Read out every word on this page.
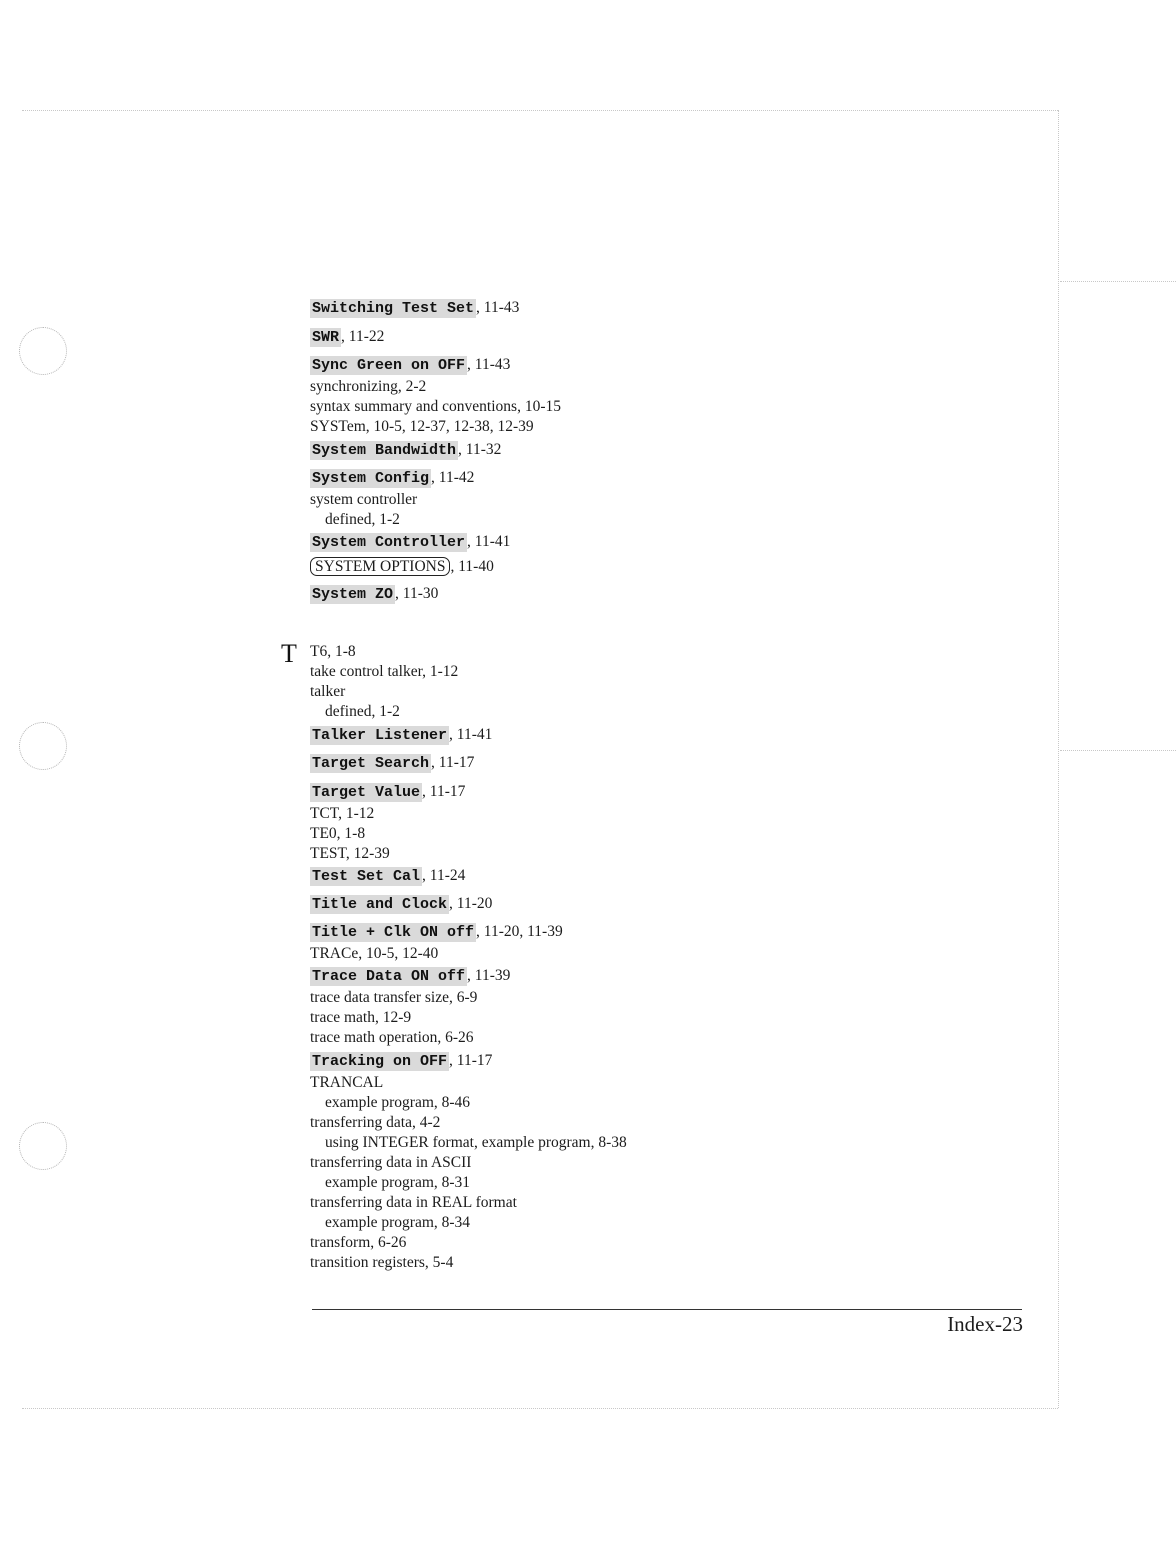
T
Switching Test Set , 11-43
SWR , 11-22
Sync Green on OFF , 11-43
synchronizing, 2-2
syntax summary and conventions, 10-15
SYSTem, 10-5, 12-37, 12-38, 12-39
System Bandwidth , 11-32
System Config , 11-42
system controller
defined, 1-2
System Controller , 11-41
SYSTEM OPTIONS , 11-40
System ZO , 11-30
T6, 1-8
take control talker, 1-12
talker
defined, 1-2
Talker Listener , 11-41
Target Search , 11-17
Target Value , 11-17
TCT, 1-12
TE0, 1-8
TEST, 12-39
Test Set Cal , 11-24
Title and Clock , 11-20
Title + Clk ON off , 11-20, 11-39
TRACe, 10-5, 12-40
Trace Data ON off , 11-39
trace data transfer size, 6-9
trace math, 12-9
trace math operation, 6-26
Tracking on OFF , 11-17
TRANCAL
example program, 8-46
transferring data, 4-2
using INTEGER format, example program, 8-38
transferring data in ASCII
example program, 8-31
transferring data in REAL format
example program, 8-34
transform, 6-26
transition registers, 5-4
Index-23
